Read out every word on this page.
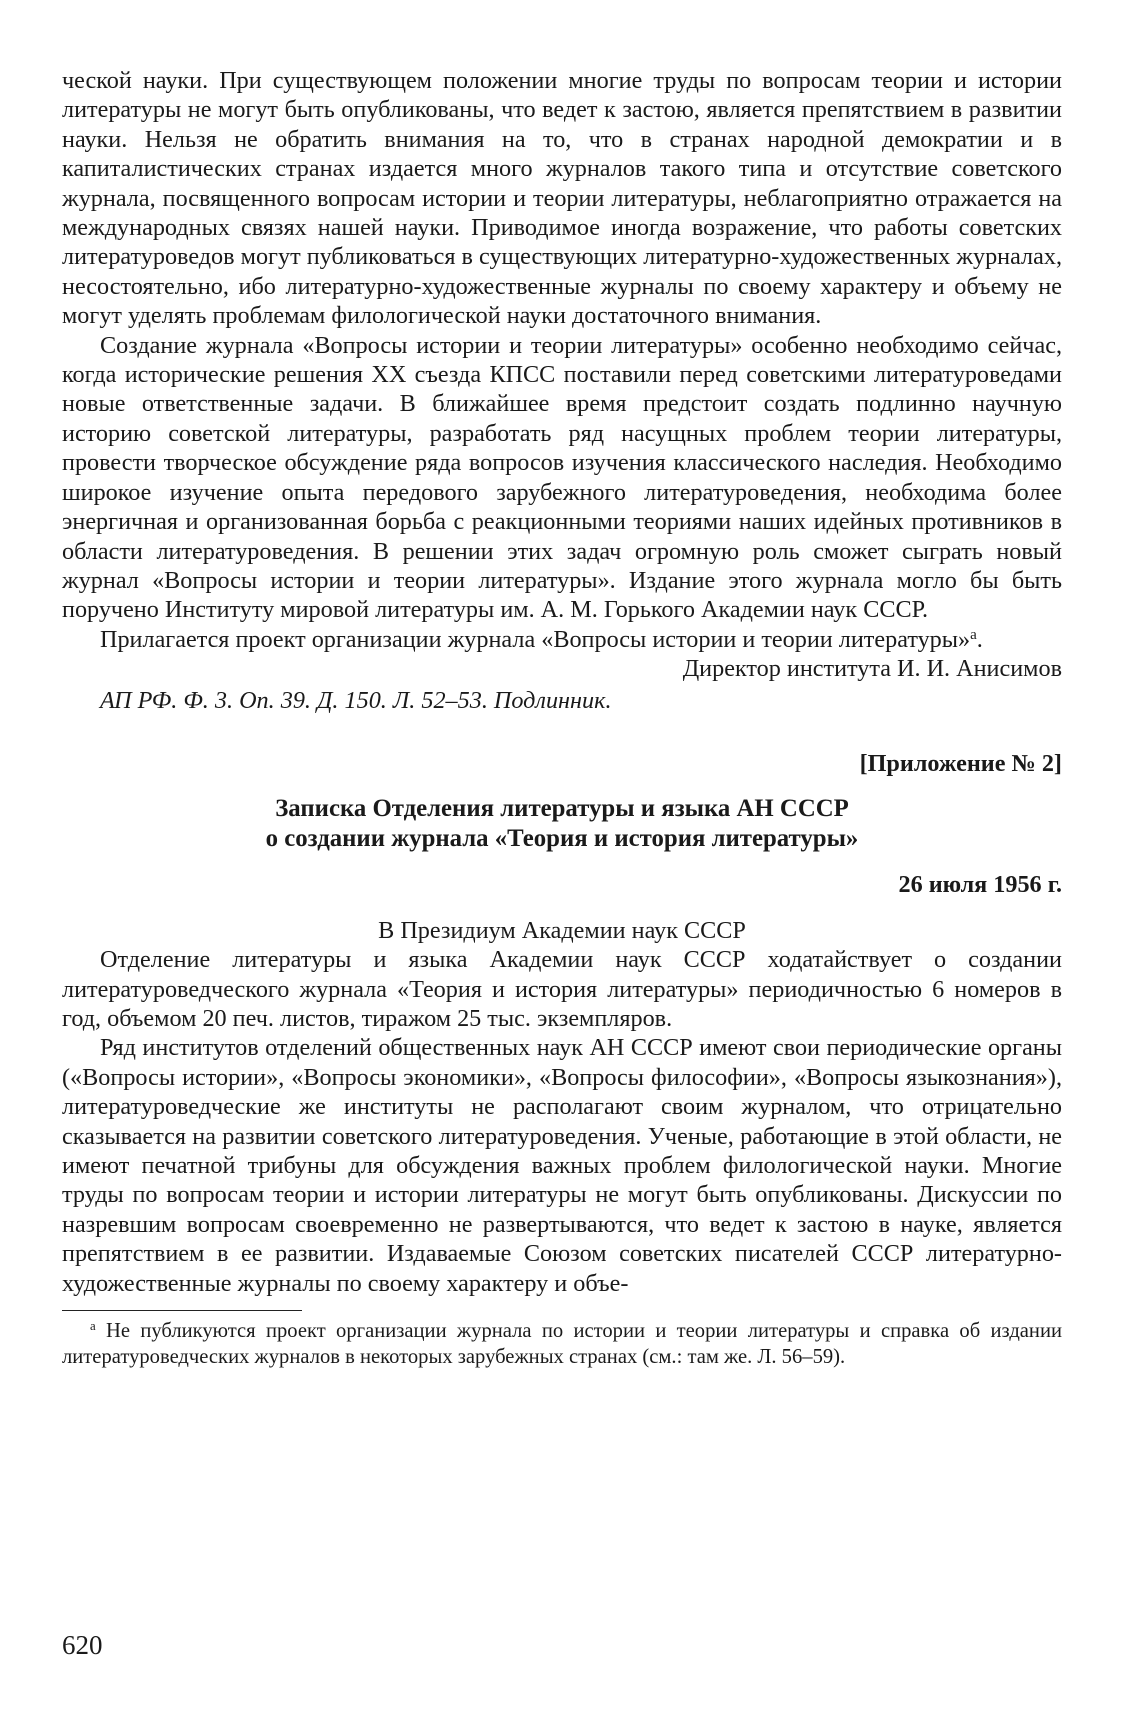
ческой науки. При существующем положении многие труды по вопросам теории и истории литературы не могут быть опубликованы, что ведет к застою, является препятствием в развитии науки. Нельзя не обратить внимания на то, что в странах народной демократии и в капиталистических странах издается много журналов такого типа и отсутствие советского журнала, посвященного вопросам истории и теории литературы, неблагоприятно отражается на международных связях нашей науки. Приводимое иногда возражение, что работы советских литературоведов могут публиковаться в существующих литературно-художественных журналах, несостоятельно, ибо литературно-художественные журналы по своему характеру и объему не могут уделять проблемам филологической науки достаточного внимания.

Создание журнала «Вопросы истории и теории литературы» особенно необходимо сейчас, когда исторические решения XX съезда КПСС поставили перед советскими литературоведами новые ответственные задачи. В ближайшее время предстоит создать подлинно научную историю советской литературы, разработать ряд насущных проблем теории литературы, провести творческое обсуждение ряда вопросов изучения классического наследия. Необходимо широкое изучение опыта передового зарубежного литературоведения, необходима более энергичная и организованная борьба с реакционными теориями наших идейных противников в области литературоведения. В решении этих задач огромную роль сможет сыграть новый журнал «Вопросы истории и теории литературы». Издание этого журнала могло бы быть поручено Институту мировой литературы им. А. М. Горького Академии наук СССР.

Прилагается проект организации журнала «Вопросы истории и теории литературы»$^a$.

Директор института И. И. Анисимов
АП РФ. Ф. 3. Оп. 39. Д. 150. Л. 52–53. Подлинник.
[Приложение № 2]
Записка Отделения литературы и языка АН СССР
о создании журнала «Теория и история литературы»
26 июля 1956 г.
В Президиум Академии наук СССР

Отделение литературы и языка Академии наук СССР ходатайствует о создании литературоведческого журнала «Теория и история литературы» периодичностью 6 номеров в год, объемом 20 печ. листов, тиражом 25 тыс. экземпляров.

Ряд институтов отделений общественных наук АН СССР имеют свои периодические органы («Вопросы истории», «Вопросы экономики», «Вопросы философии», «Вопросы языкознания»), литературоведческие же институты не располагают своим журналом, что отрицательно сказывается на развитии советского литературоведения. Ученые, работающие в этой области, не имеют печатной трибуны для обсуждения важных проблем филологической науки. Многие труды по вопросам теории и истории литературы не могут быть опубликованы. Дискуссии по назревшим вопросам своевременно не развертываются, что ведет к застою в науке, является препятствием в ее развитии. Издаваемые Союзом советских писателей СССР литературно-художественные журналы по своему характеру и объе-

$^a$ Не публикуются проект организации журнала по истории и теории литературы и справка об издании литературоведческих журналов в некоторых зарубежных странах (см.: там же. Л. 56–59).

620
